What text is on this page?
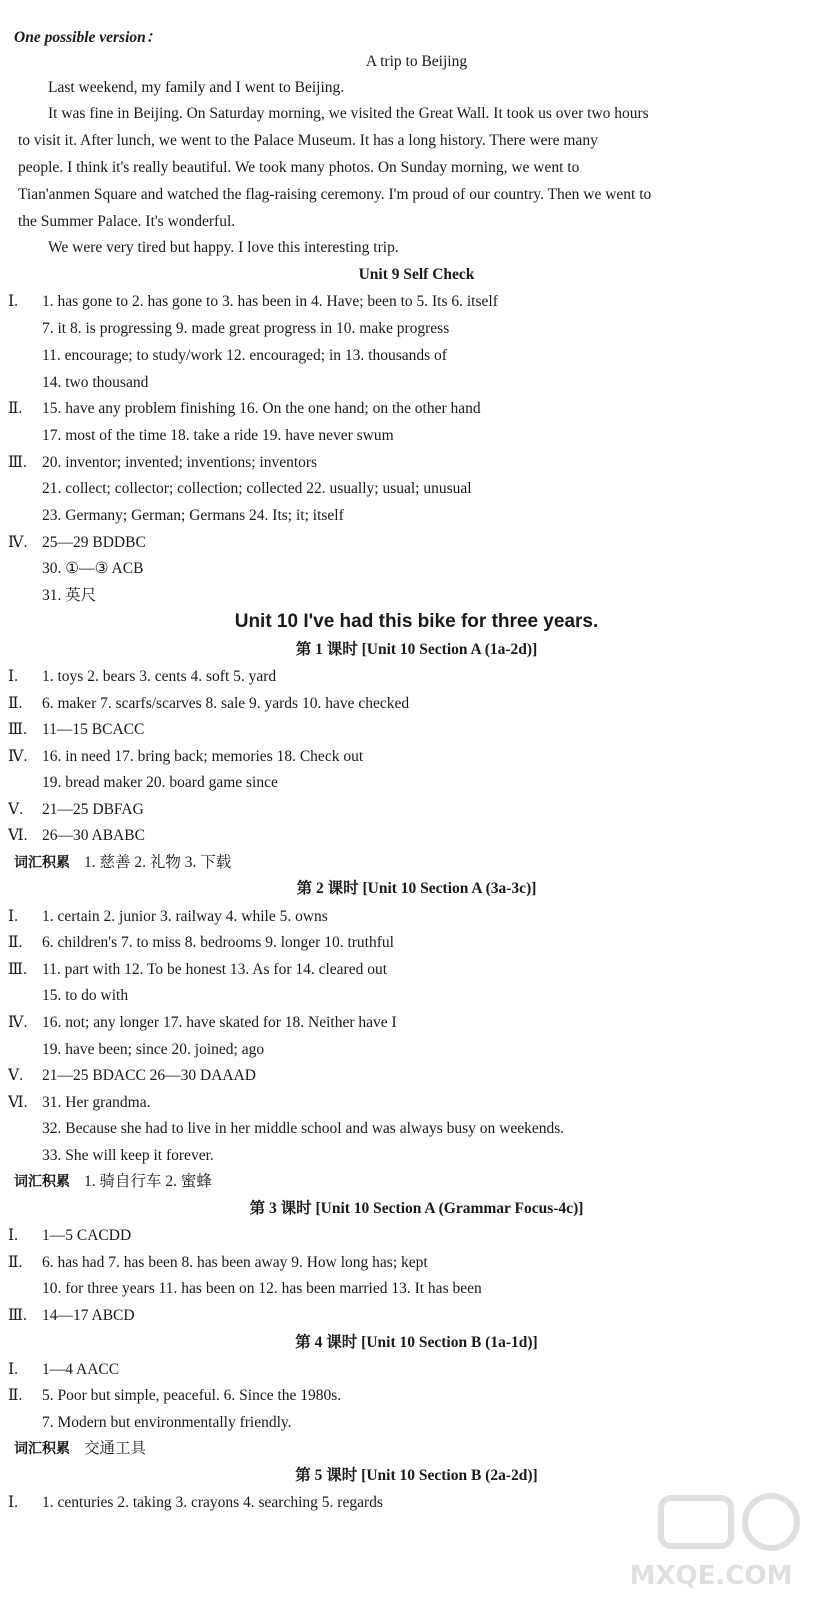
One possible version：
A trip to Beijing
Last weekend, my family and I went to Beijing.
It was fine in Beijing. On Saturday morning, we visited the Great Wall. It took us over two hours
to visit it. After lunch, we went to the Palace Museum. It has a long history. There were many
people. I think it's really beautiful. We took many photos. On Sunday morning, we went to
Tian'anmen Square and watched the flag-raising ceremony. I'm proud of our country. Then we went to
the Summer Palace. It's wonderful.
We were very tired but happy. I love this interesting trip.
Unit 9 Self Check
Ⅰ. 1. has gone to 2. has gone to 3. has been in 4. Have; been to 5. Its 6. itself
7. it 8. is progressing 9. made great progress in 10. make progress
11. encourage; to study/work 12. encouraged; in 13. thousands of
14. two thousand
Ⅱ. 15. have any problem finishing 16. On the one hand; on the other hand
17. most of the time 18. take a ride 19. have never swum
Ⅲ. 20. inventor; invented; inventions; inventors
21. collect; collector; collection; collected 22. usually; usual; unusual
23. Germany; German; Germans 24. Its; it; itself
Ⅳ. 25—29 BDDBC
30. ①—③ ACB
31. 英尺
Unit 10 I've had this bike for three years.
第 1 课时 [Unit 10 Section A (1a-2d)]
Ⅰ. 1. toys 2. bears 3. cents 4. soft 5. yard
Ⅱ. 6. maker 7. scarfs/scarves 8. sale 9. yards 10. have checked
Ⅲ. 11—15 BCACC
Ⅳ. 16. in need 17. bring back; memories 18. Check out
19. bread maker 20. board game since
Ⅴ. 21—25 DBFAG
Ⅵ. 26—30 ABABC
词汇积累 1. 慈善 2. 礼物 3. 下载
第 2 课时 [Unit 10 Section A (3a-3c)]
Ⅰ. 1. certain 2. junior 3. railway 4. while 5. owns
Ⅱ. 6. children's 7. to miss 8. bedrooms 9. longer 10. truthful
Ⅲ. 11. part with 12. To be honest 13. As for 14. cleared out
15. to do with
Ⅳ. 16. not; any longer 17. have skated for 18. Neither have I
19. have been; since 20. joined; ago
Ⅴ. 21—25 BDACC 26—30 DAAAD
Ⅵ. 31. Her grandma.
32. Because she had to live in her middle school and was always busy on weekends.
33. She will keep it forever.
词汇积累 1. 骑自行车 2. 蜜蜂
第 3 课时 [Unit 10 Section A (Grammar Focus-4c)]
Ⅰ. 1—5 CACDD
Ⅱ. 6. has had 7. has been 8. has been away 9. How long has; kept
10. for three years 11. has been on 12. has been married 13. It has been
Ⅲ. 14—17 ABCD
第 4 课时 [Unit 10 Section B (1a-1d)]
Ⅰ. 1—4 AACC
Ⅱ. 5. Poor but simple, peaceful. 6. Since the 1980s.
7. Modern but environmentally friendly.
词汇积累 交通工具
第 5 课时 [Unit 10 Section B (2a-2d)]
Ⅰ. 1. centuries 2. taking 3. crayons 4. searching 5. regards
MXQE.COM
